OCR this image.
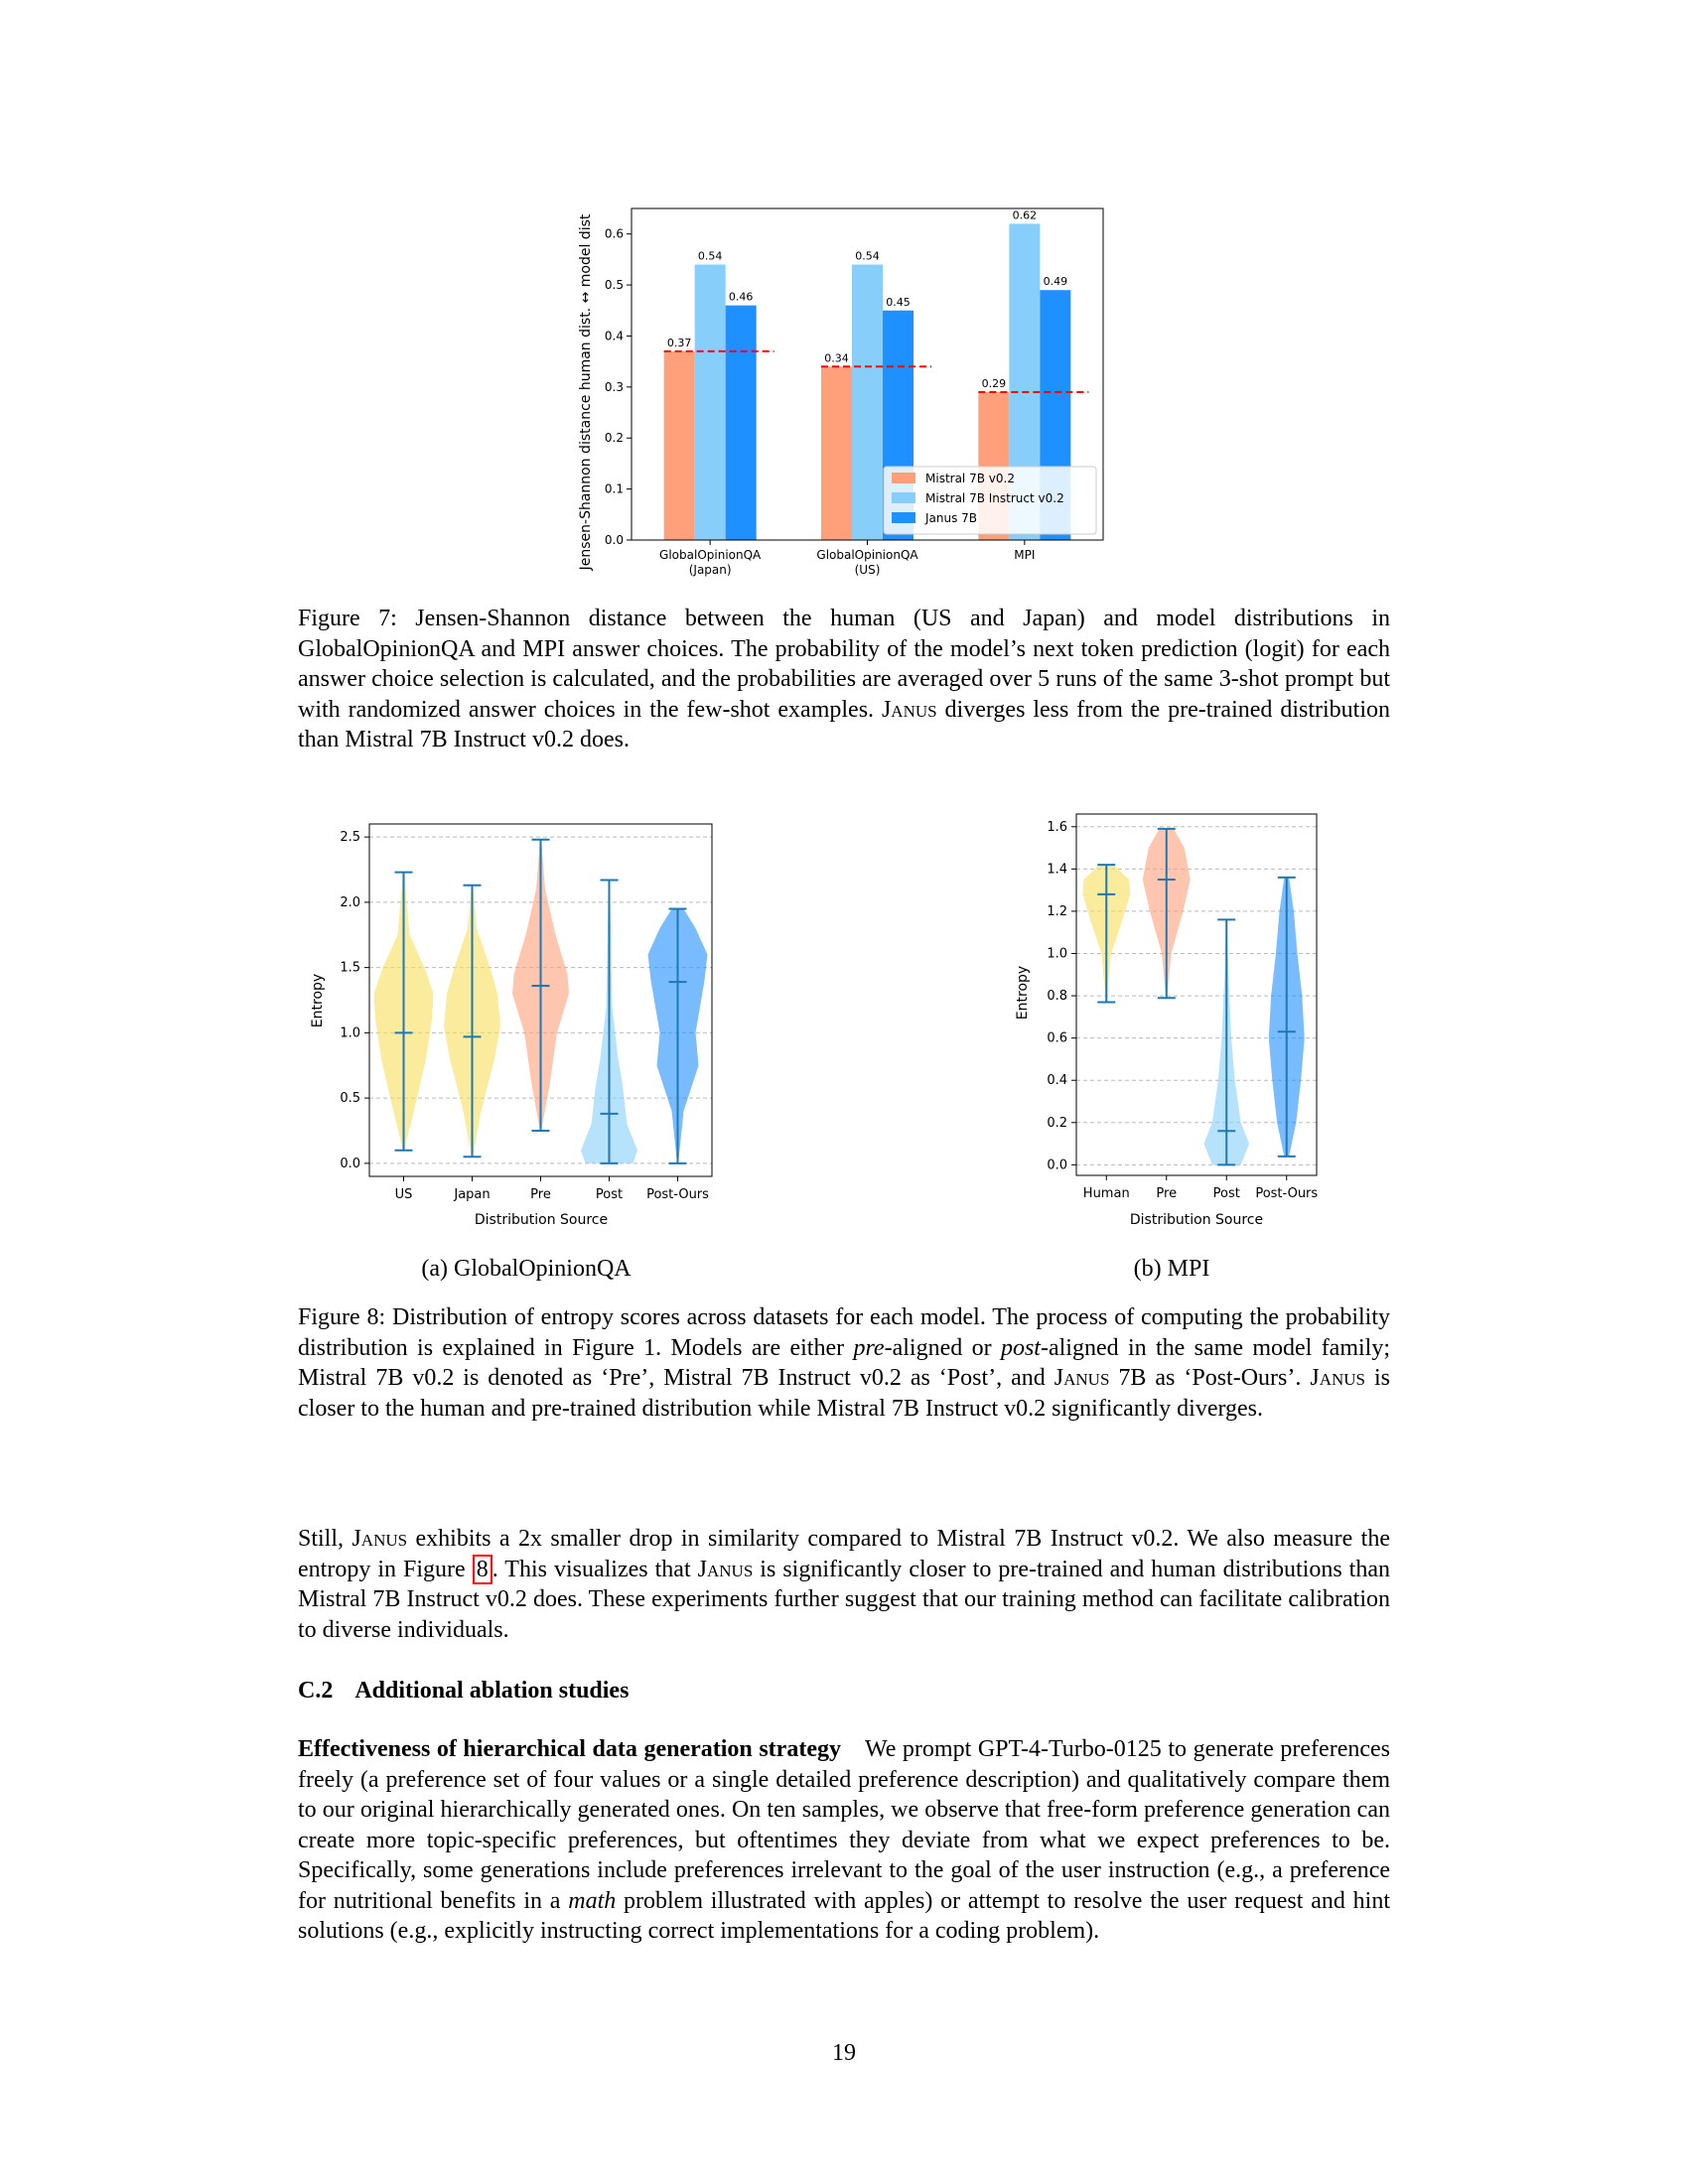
Jensen-Shannon distance human dist. ↔ model dist 0.0
0.1
0.2
0.3
0.4
0.5
0.6
0.37
0.54
0.46
GlobalOpinionQA
(Japan)
0.34
0.54
0.45
GlobalOpinionQA
(US)
0.29
0.62
0.49
MPI
Mistral 7B v0.2
Mistral 7B Instruct v0.2
Janus 7B
Figure 7: Jensen-Shannon distance between the human (US and Japan) and model distributions in GlobalOpinionQA and MPI answer choices. The probability of the model’s next token prediction (logit) for each answer choice selection is calculated, and the probabilities are averaged over 5 runs of the same 3-shot prompt but with randomized answer choices in the few-shot examples. Janus diverges less from the pre-trained distribution than Mistral 7B Instruct v0.2 does.
Entropy
Distribution Source
0.0
0.5
1.0
1.5
2.0
2.5
US	Japan	Pre	Post Post-Ours
Entropy
Distribution Source
0.0
0.2
0.4
0.6
0.8
1.0
1.2
1.4
1.6
Human Pre	Post Post-Ours
(a) GlobalOpinionQA	(b) MPI
Figure 8: Distribution of entropy scores across datasets for each model. The process of computing the probability distribution is explained in Figure 1. Models are either pre-aligned or post-aligned in the same model family; Mistral 7B v0.2 is denoted as ‘Pre’, Mistral 7B Instruct v0.2 as ‘Post’, and Janus 7B as ‘Post-Ours’. Janus is closer to the human and pre-trained distribution while Mistral 7B Instruct v0.2 significantly diverges.
Still, Janus exhibits a 2x smaller drop in similarity compared to Mistral 7B Instruct v0.2. We also measure the entropy in Figure 8 . This visualizes that Janus is significantly closer to pre-trained and human distributions than Mistral 7B Instruct v0.2 does. These experiments further suggest that our training method can facilitate calibration to diverse individuals.
C.2 Additional ablation studies
Effectiveness of hierarchical data generation strategy We prompt GPT-4-Turbo-0125 to generate preferences freely (a preference set of four values or a single detailed preference description) and qualitatively compare them to our original hierarchically generated ones. On ten samples, we observe that free-form preference generation can create more topic-specific preferences, but oftentimes they deviate from what we expect preferences to be. Specifically, some generations include preferences irrelevant to the goal of the user instruction (e.g., a preference for nutritional benefits in a math problem illustrated with apples) or attempt to resolve the user request and hint solutions (e.g., explicitly instructing correct implementations for a coding problem).
19
